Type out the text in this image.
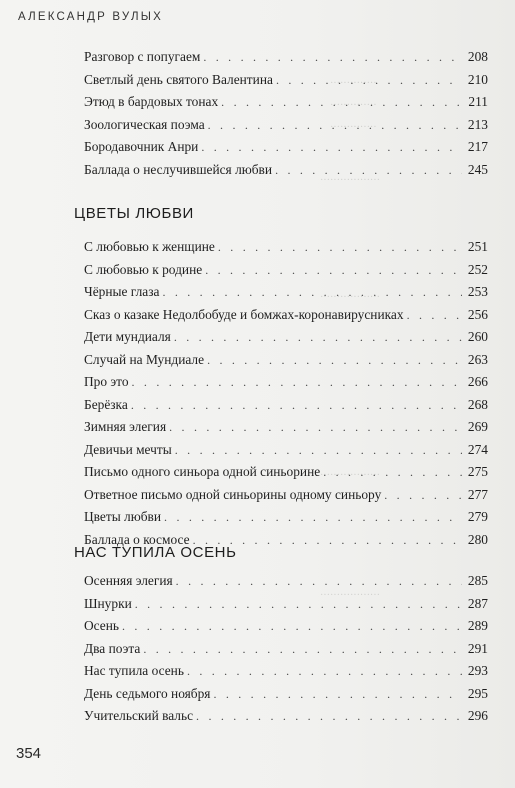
АЛЕКСАНДР ВУЛЫХ
··············
··············
··············
··················
··················
··················
··················
Разговор с попугаем . . .	208
Светлый день святого Валентина . . .	210
Этюд в бардовых тонах . . .	211
Зоологическая поэма . . .	213
Бородавочник Анри . . .	217
Баллада о неслучившейся любви . . .	245
ЦВЕТЫ ЛЮБВИ
С любовью к женщине . . .	251
С любовью к родине . . .	252
Чёрные глаза . . .	253
Сказ о казаке Недолбобуде и бомжах-коронавирусниках . . .	256
Дети мундиаля . . .	260
Случай на Мундиале . . .	263
Про это . . .	266
Берёзка . . .	268
Зимняя элегия . . .	269
Девичьи мечты . . .	274
Письмо одного синьора одной синьорине . . .	275
Ответное письмо одной синьорины одному синьору . . .	277
Цветы любви . . .	279
Баллада о космосе . . .	280
НАС ТУПИЛА ОСЕНЬ
Осенняя элегия . . .	285
Шнурки . . .	287
Осень . . .	289
Два поэта . . .	291
Нас тупила осень . . .	293
День седьмого ноября . . .	295
Учительский вальс . . .	296
354
